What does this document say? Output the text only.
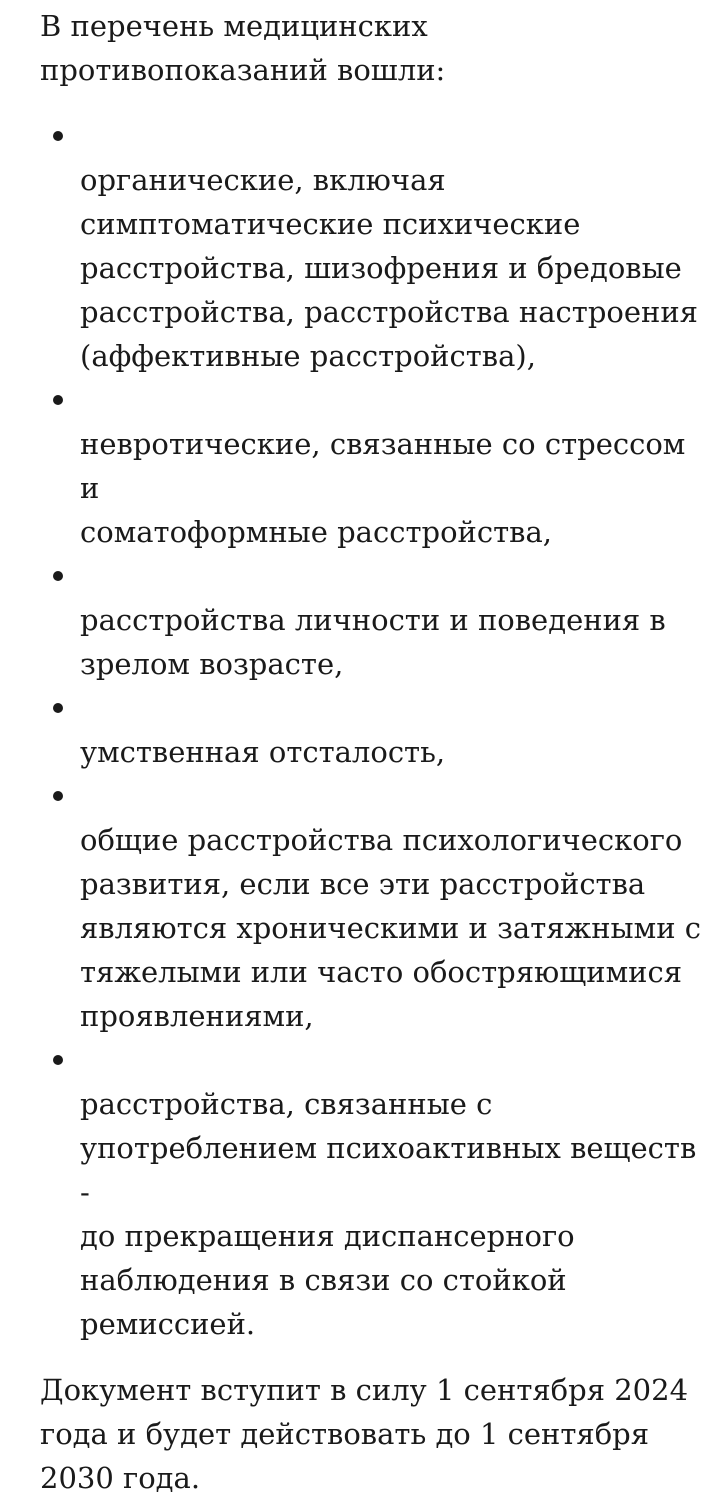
В перечень медицинских
противопоказаний вошли:

органические, включая
симптоматические психические
расстройства, шизофрения и бредовые
расстройства, расстройства настроения
(аффективные расстройства),

невротические, связанные со стрессом и
соматоформные расстройства,

расстройства личности и поведения в
зрелом возрасте,

умственная отсталость,

общие расстройства психологического
развития, если все эти расстройства
являются хроническими и затяжными с
тяжелыми или часто обостряющимися
проявлениями,

расстройства, связанные с
употреблением психоактивных веществ -
до прекращения диспансерного
наблюдения в связи со стойкой
ремиссией.

Документ вступит в силу 1 сентября 2024
года и будет действовать до 1 сентября
2030 года.
